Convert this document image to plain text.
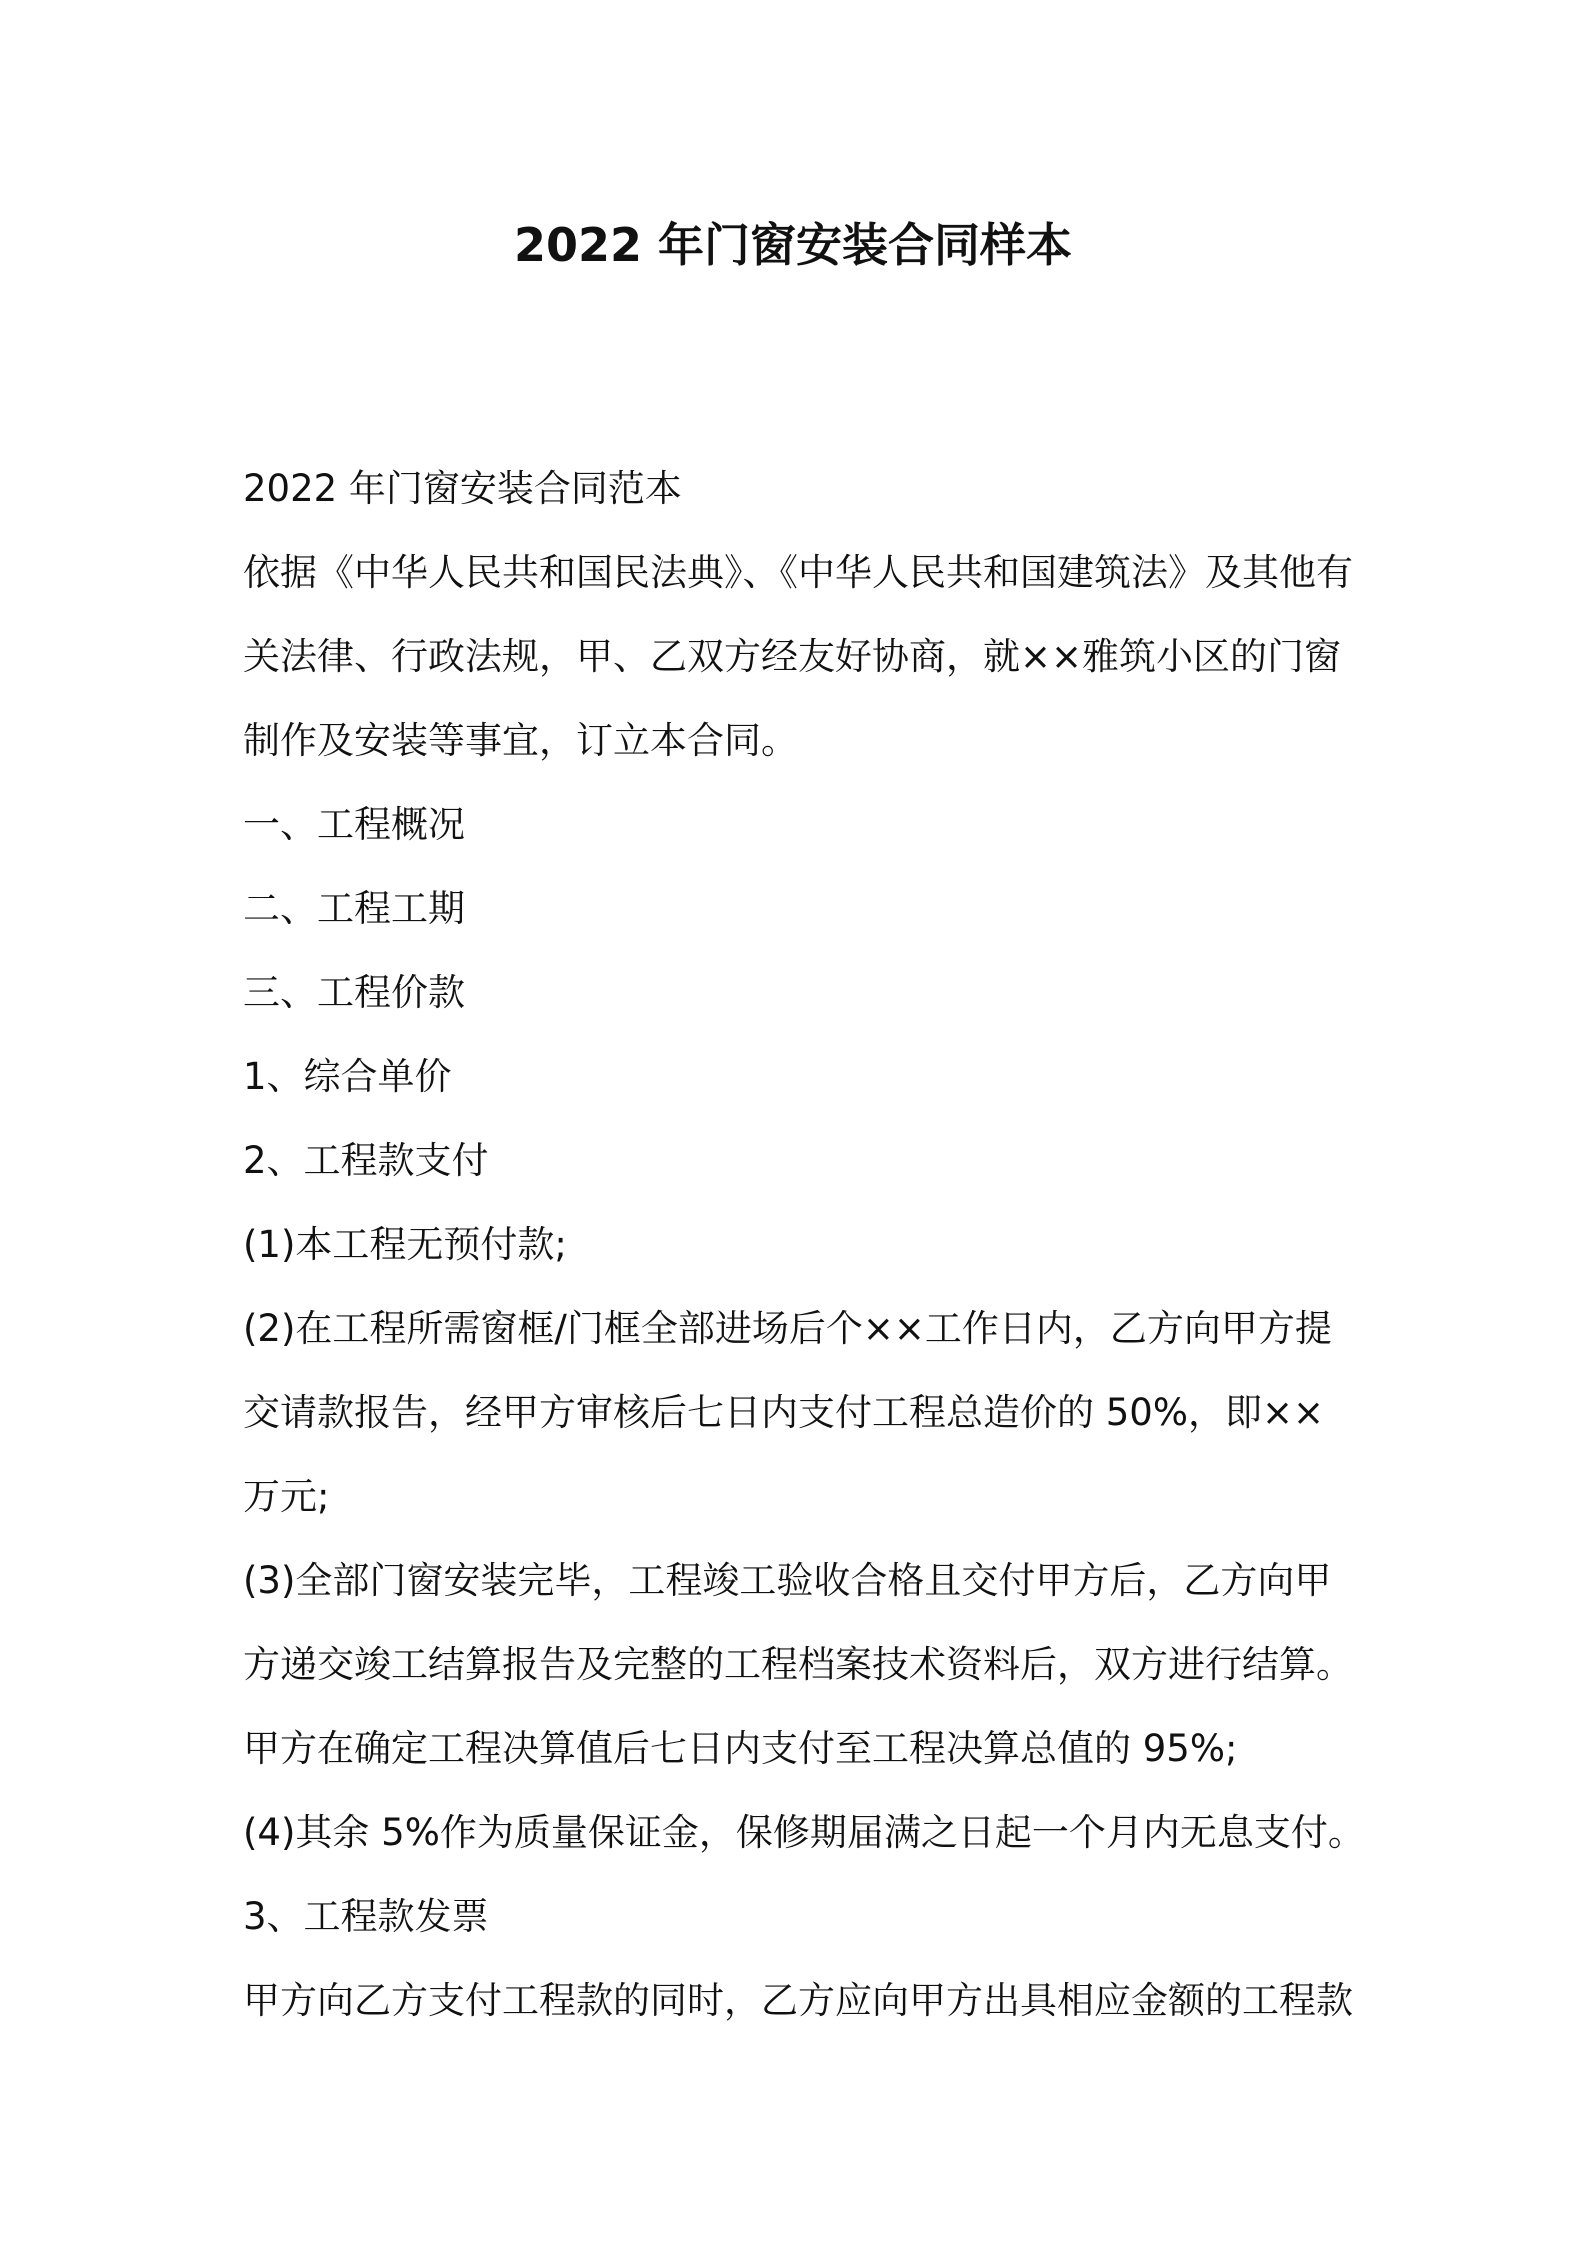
2022 年门窗安装合同样本
2022 年门窗安装合同范本
依据《中华人民共和国民法典》、《中华人民共和国建筑法》及其他有
关法律、行政法规，甲、乙双方经友好协商，就××雅筑小区的门窗
制作及安装等事宜，订立本合同。
一、工程概况
二、工程工期
三、工程价款
1、综合单价
2、工程款支付
(1)本工程无预付款;
(2)在工程所需窗框/门框全部进场后个××工作日内，乙方向甲方提
交请款报告，经甲方审核后七日内支付工程总造价的 50%，即××
万元;
(3)全部门窗安装完毕，工程竣工验收合格且交付甲方后，乙方向甲
方递交竣工结算报告及完整的工程档案技术资料后，双方进行结算。
甲方在确定工程决算值后七日内支付至工程决算总值的 95%;
(4)其余 5%作为质量保证金，保修期届满之日起一个月内无息支付。
3、工程款发票
甲方向乙方支付工程款的同时，乙方应向甲方出具相应金额的工程款
